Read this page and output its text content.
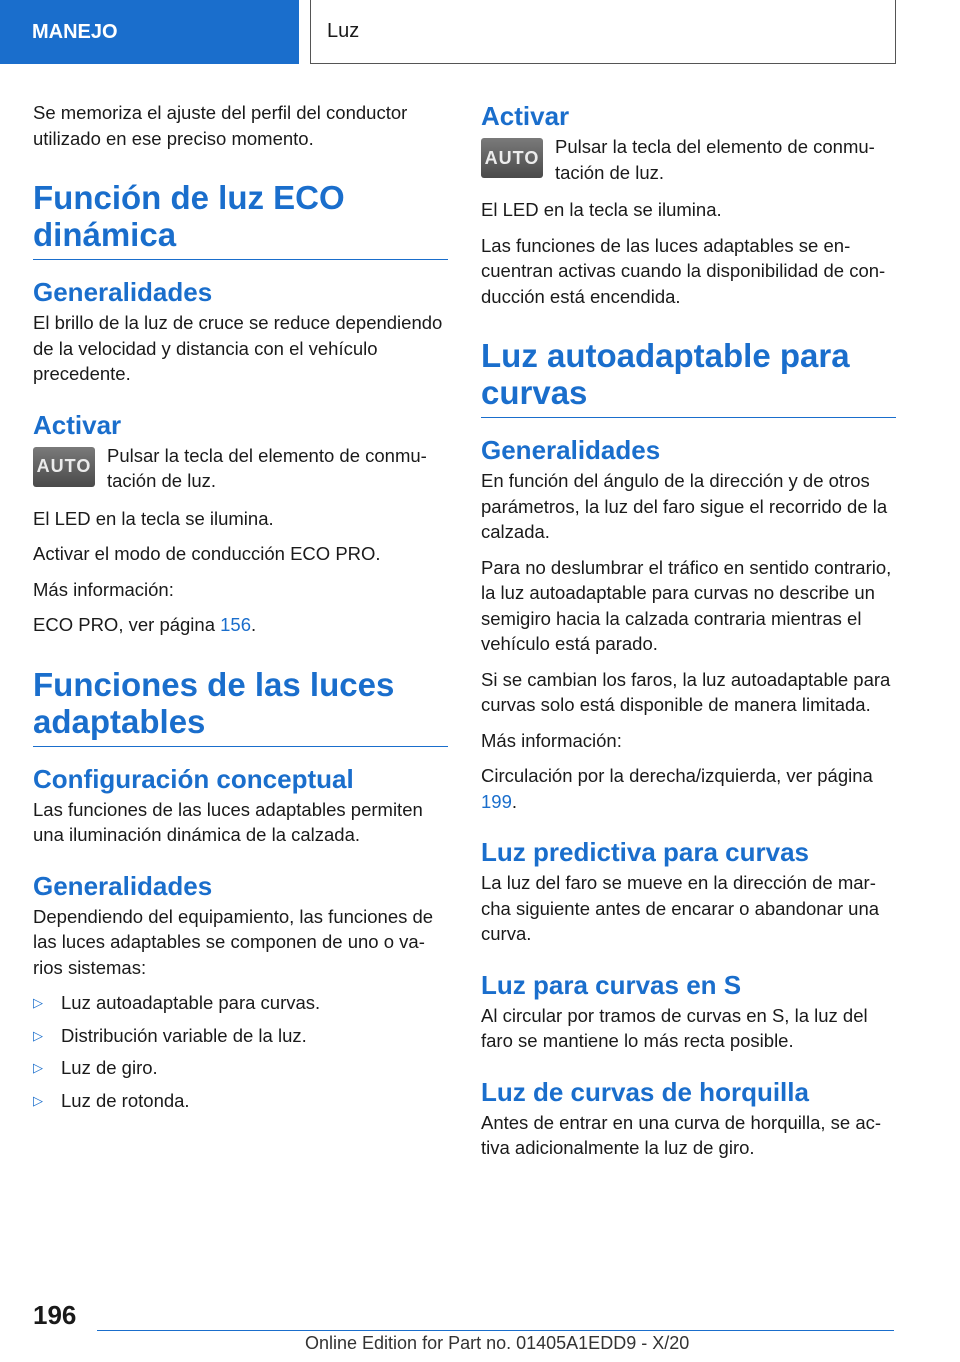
MANEJO	Luz

Se memoriza el ajuste del perfil del conductor utilizado en ese preciso momento.

Función de luz ECO dinámica
Generalidades

El brillo de la luz de cruce se reduce dependiendo de la velocidad y distancia con el vehículo precedente.

Activar
AUTO

Pulsar la tecla del elemento de conmutación de luz.

El LED en la tecla se ilumina.

Activar el modo de conducción ECO PRO.

Más información:

ECO PRO, ver página 156.

Funciones de las luces adaptables
Configuración conceptual

Las funciones de las luces adaptables permiten una iluminación dinámica de la calzada.

Generalidades

Dependiendo del equipamiento, las funciones de las luces adaptables se componen de uno o varios sistemas:

▷ Luz autoadaptable para curvas.
▷ Distribución variable de la luz.
▷ Luz de giro.
▷ Luz de rotonda.
Activar
AUTO

Pulsar la tecla del elemento de conmutación de luz.

El LED en la tecla se ilumina.

Las funciones de las luces adaptables se encuentran activas cuando la disponibilidad de conducción está encendida.

Luz autoadaptable para curvas
Generalidades

En función del ángulo de la dirección y de otros parámetros, la luz del faro sigue el recorrido de la calzada.

Para no deslumbrar el tráfico en sentido contrario, la luz autoadaptable para curvas no describe un semigiro hacia la calzada contraria mientras el vehículo está parado.

Si se cambian los faros, la luz autoadaptable para curvas solo está disponible de manera limitada.

Más información:

Circulación por la derecha/izquierda, ver página 199.

Luz predictiva para curvas

La luz del faro se mueve en la dirección de marcha siguiente antes de encarar o abandonar una curva.

Luz para curvas en S

Al circular por tramos de curvas en S, la luz del faro se mantiene lo más recta posible.

Luz de curvas de horquilla

Antes de entrar en una curva de horquilla, se activa adicionalmente la luz de giro.

196
Online Edition for Part no. 01405A1EDD9 - X/20
